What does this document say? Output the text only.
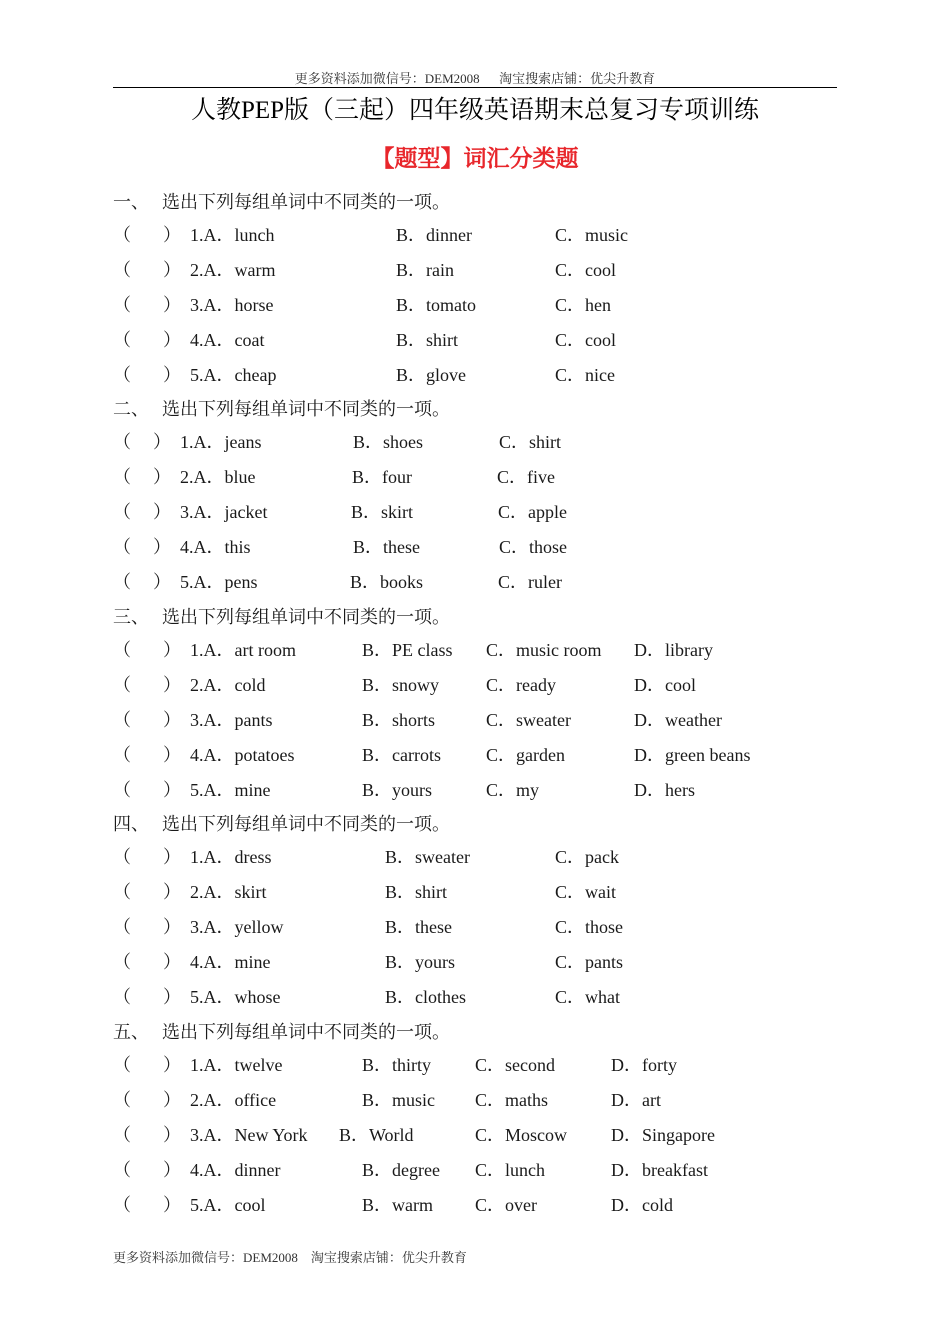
更多资料添加微信号：DEM2008      淘宝搜索店铺：优尖升教育
人教PEP版（三起）四年级英语期末总复习专项训练
【题型】词汇分类题
一、 选出下列每组单词中不同类的一项。
（ ） 1.A．lunch	B．dinner	C．music
（ ） 2.A．warm	B．rain	C．cool
（ ） 3.A．horse	B．tomato	C．hen
（ ） 4.A．coat	B．shirt	C．cool
（ ） 5.A．cheap	B．glove	C．nice
二、 选出下列每组单词中不同类的一项。
（ ） 1.A．jeans	B．shoes	C．shirt
（ ） 2.A．blue	B．four	C．five
（ ） 3.A．jacket	B．skirt	C．apple
（ ） 4.A．this	B．these	C．those
（ ） 5.A．pens	B．books	C．ruler
三、 选出下列每组单词中不同类的一项。
（ ） 1.A．art room	B．PE class C．music room D．library
（ ） 2.A．cold	B．snowy	C．ready	D．cool
（ ） 3.A．pants	B．shorts	C．sweater	D．weather
（ ） 4.A．potatoes	B．carrots	C．garden	D．green beans
（ ） 5.A．mine	B．yours	C．my	D．hers
四、 选出下列每组单词中不同类的一项。
（ ） 1.A．dress	B．sweater	C．pack
（ ） 2.A．skirt	B．shirt	C．wait
（ ） 3.A．yellow	B．these	C．those
（ ） 4.A．mine	B．yours	C．pants
（ ） 5.A．whose	B．clothes	C．what
五、 选出下列每组单词中不同类的一项。
（ ） 1.A．twelve	B．thirty C．second	D．forty
（ ） 2.A．office	B．music C．maths	D．art
（ ） 3.A．New York B．World	C．Moscow D．Singapore
（ ） 4.A．dinner	B．degree C．lunch	D．breakfast
（ ） 5.A．cool	B．warm C．over	D．cold
更多资料添加微信号：DEM2008    淘宝搜索店铺：优尖升教育
